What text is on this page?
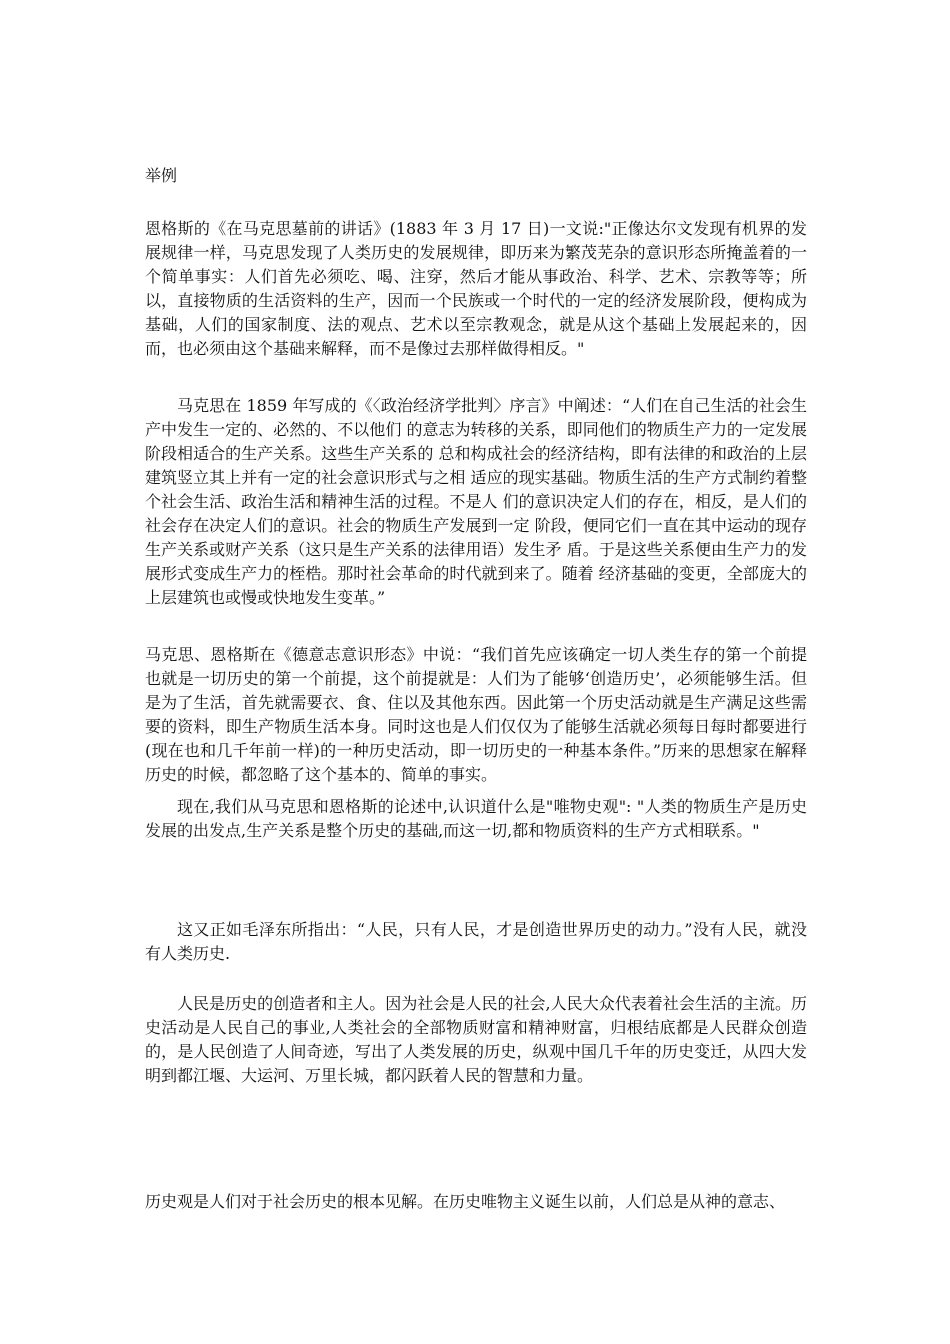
举例

恩格斯的《在马克思墓前的讲话》(1883 年 3 月 17 日)一文说:"正像达尔文发现有机界的发展规律一样，马克思发现了人类历史的发展规律，即历来为繁茂芜杂的意识形态所掩盖着的一个简单事实：人们首先必须吃、喝、注穿，然后才能从事政治、科学、艺术、宗教等等；所以，直接物质的生活资料的生产，因而一个民族或一个时代的一定的经济发展阶段，便构成为基础，人们的国家制度、法的观点、艺术以至宗教观念，就是从这个基础上发展起来的，因而，也必须由这个基础来解释，而不是像过去那样做得相反。"

马克思在 1859 年写成的《〈政治经济学批判〉序言》中阐述：“人们在自己生活的社会生产中发生一定的、必然的、不以他们 的意志为转移的关系，即同他们的物质生产力的一定发展阶段相适合的生产关系。这些生产关系的 总和构成社会的经济结构，即有法律的和政治的上层建筑竖立其上并有一定的社会意识形式与之相 适应的现实基础。物质生活的生产方式制约着整个社会生活、政治生活和精神生活的过程。不是人 们的意识决定人们的存在，相反，是人们的社会存在决定人们的意识。社会的物质生产发展到一定 阶段，便同它们一直在其中运动的现存生产关系或财产关系（这只是生产关系的法律用语）发生矛 盾。于是这些关系便由生产力的发展形式变成生产力的桎梏。那时社会革命的时代就到来了。随着 经济基础的变更，全部庞大的上层建筑也或慢或快地发生变革。”

马克思、恩格斯在《德意志意识形态》中说：“我们首先应该确定一切人类生存的第一个前提也就是一切历史的第一个前提，这个前提就是：人们为了能够‘创造历史’，必须能够生活。但是为了生活，首先就需要衣、食、住以及其他东西。因此第一个历史活动就是生产满足这些需要的资料，即生产物质生活本身。同时这也是人们仅仅为了能够生活就必须每日每时都要进行(现在也和几千年前一样)的一种历史活动，即一切历史的一种基本条件。”历来的思想家在解释历史的时候，都忽略了这个基本的、简单的事实。

现在,我们从马克思和恩格斯的论述中,认识道什么是"唯物史观": "人类的物质生产是历史发展的出发点,生产关系是整个历史的基础,而这一切,都和物质资料的生产方式相联系。"

这又正如毛泽东所指出：“人民，只有人民，才是创造世界历史的动力。”没有人民，就没有人类历史.

人民是历史的创造者和主人。因为社会是人民的社会,人民大众代表着社会生活的主流。历史活动是人民自己的事业,人类社会的全部物质财富和精神财富，归根结底都是人民群众创造的，是人民创造了人间奇迹，写出了人类发展的历史，纵观中国几千年的历史变迁，从四大发明到都江堰、大运河、万里长城，都闪跃着人民的智慧和力量。

历史观是人们对于社会历史的根本见解。在历史唯物主义诞生以前，人们总是从神的意志、
